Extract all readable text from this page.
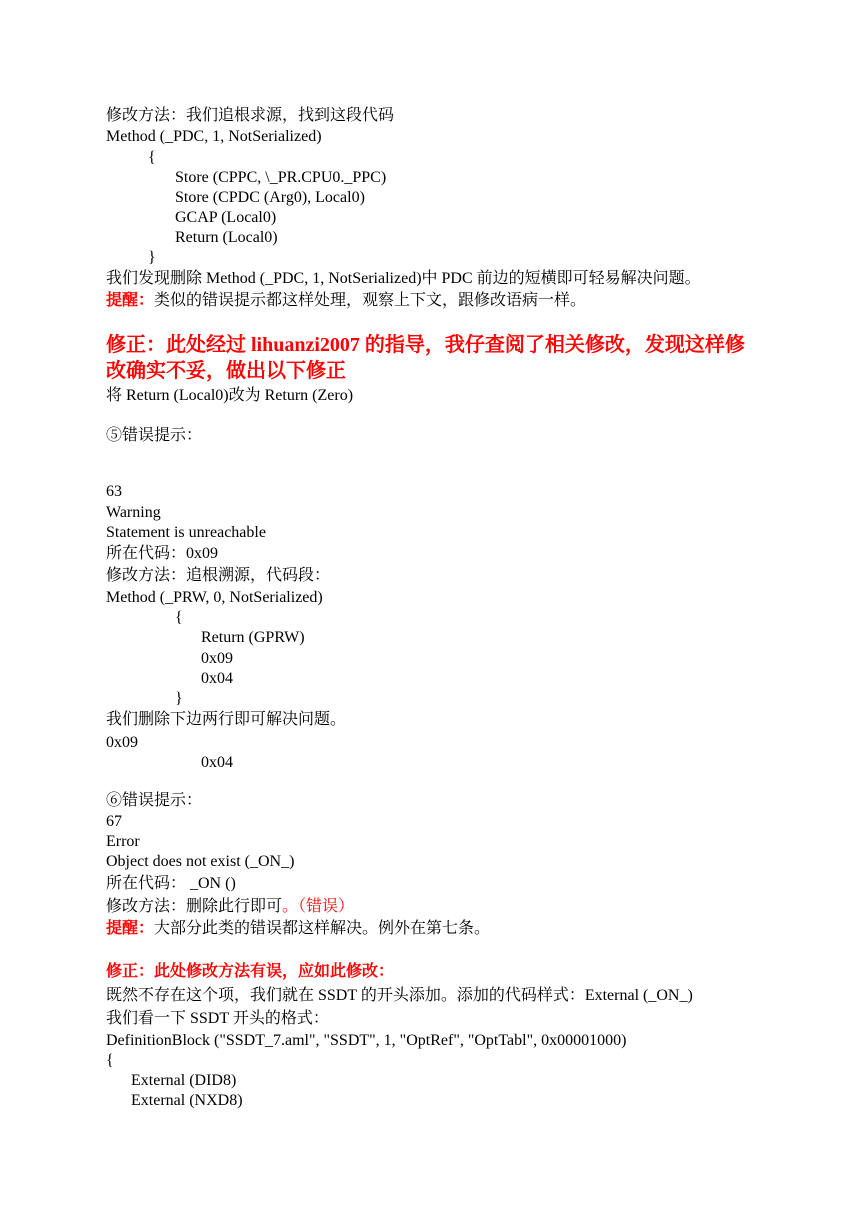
修改方法：我们追根求源，找到这段代码
Method (_PDC, 1, NotSerialized)
{
Store (CPPC, \_PR.CPU0._PPC)
Store (CPDC (Arg0), Local0)
GCAP (Local0)
Return (Local0)
}
我们发现删除 Method (_PDC, 1, NotSerialized)中 PDC 前边的短横即可轻易解决问题。
提醒：类似的错误提示都这样处理，观察上下文，跟修改语病一样。
修正：此处经过 lihuanzi2007 的指导，我仔查阅了相关修改，发现这样修
改确实不妥，做出以下修正
将 Return (Local0)改为 Return (Zero)
⑤错误提示：
63
Warning
Statement is unreachable
所在代码：0x09
修改方法：追根溯源，代码段：
Method (_PRW, 0, NotSerialized)
{
Return (GPRW)
0x09
0x04
}
我们删除下边两行即可解决问题。
0x09
0x04
⑥错误提示：
67
Error
Object does not exist (_ON_)
所在代码： _ON ()
修改方法：删除此行即可。（错误）
提醒：大部分此类的错误都这样解决。例外在第七条。
修正：此处修改方法有误，应如此修改：
既然不存在这个项，我们就在 SSDT 的开头添加。添加的代码样式：External (_ON_)
我们看一下 SSDT 开头的格式：
DefinitionBlock ("SSDT_7.aml", "SSDT", 1, "OptRef", "OptTabl", 0x00001000)
{
External (DID8)
External (NXD8)
